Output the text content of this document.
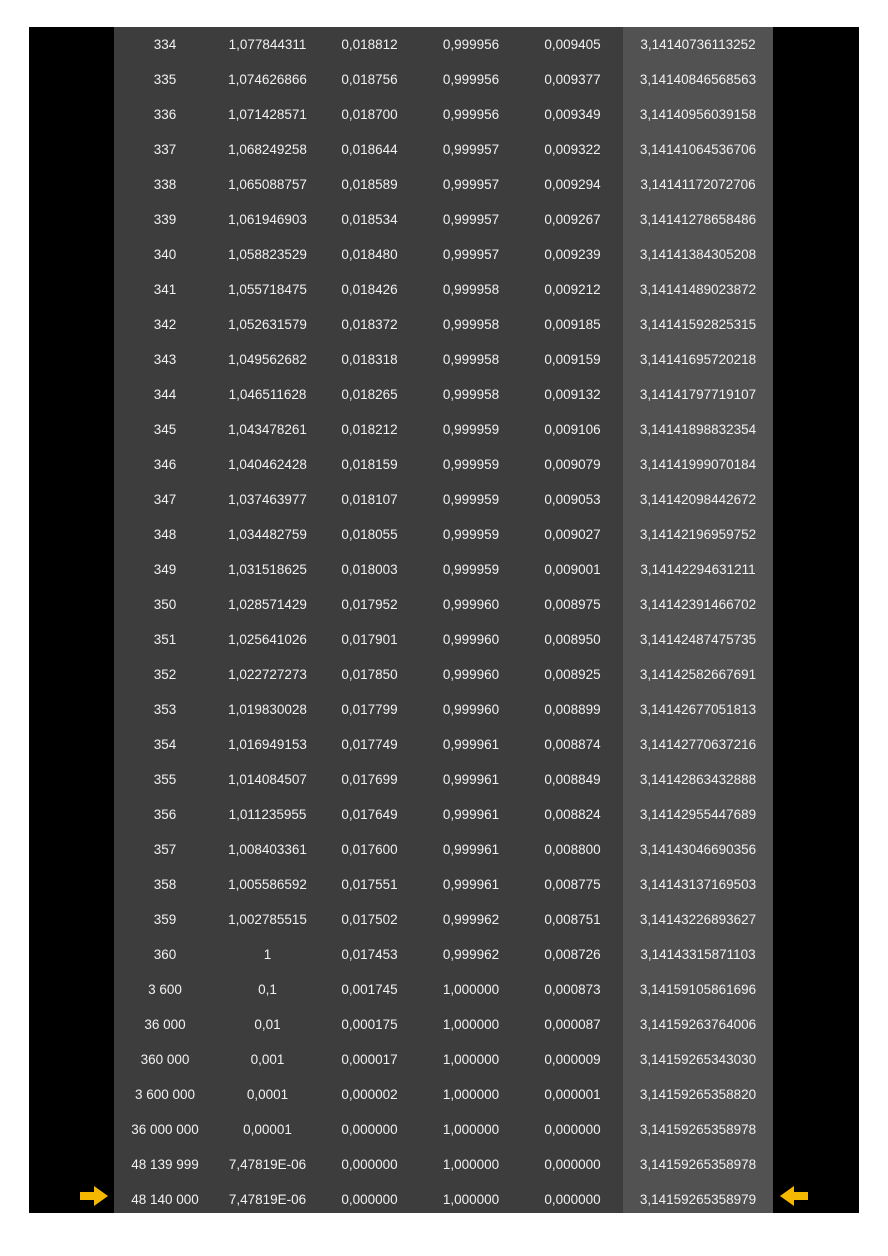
334	1,077844311	0,018812	0,999956	0,009405	3,14140736113252
335	1,074626866	0,018756	0,999956	0,009377	3,14140846568563
336	1,071428571	0,018700	0,999956	0,009349	3,14140956039158
337	1,068249258	0,018644	0,999957	0,009322	3,14141064536706
338	1,065088757	0,018589	0,999957	0,009294	3,14141172072706
339	1,061946903	0,018534	0,999957	0,009267	3,14141278658486
340	1,058823529	0,018480	0,999957	0,009239	3,14141384305208
341	1,055718475	0,018426	0,999958	0,009212	3,14141489023872
342	1,052631579	0,018372	0,999958	0,009185	3,14141592825315
343	1,049562682	0,018318	0,999958	0,009159	3,14141695720218
344	1,046511628	0,018265	0,999958	0,009132	3,14141797719107
345	1,043478261	0,018212	0,999959	0,009106	3,14141898832354
346	1,040462428	0,018159	0,999959	0,009079	3,14141999070184
347	1,037463977	0,018107	0,999959	0,009053	3,14142098442672
348	1,034482759	0,018055	0,999959	0,009027	3,14142196959752
349	1,031518625	0,018003	0,999959	0,009001	3,14142294631211
350	1,028571429	0,017952	0,999960	0,008975	3,14142391466702
351	1,025641026	0,017901	0,999960	0,008950	3,14142487475735
352	1,022727273	0,017850	0,999960	0,008925	3,14142582667691
353	1,019830028	0,017799	0,999960	0,008899	3,14142677051813
354	1,016949153	0,017749	0,999961	0,008874	3,14142770637216
355	1,014084507	0,017699	0,999961	0,008849	3,14142863432888
356	1,011235955	0,017649	0,999961	0,008824	3,14142955447689
357	1,008403361	0,017600	0,999961	0,008800	3,14143046690356
358	1,005586592	0,017551	0,999961	0,008775	3,14143137169503
359	1,002785515	0,017502	0,999962	0,008751	3,14143226893627
360	1	0,017453	0,999962	0,008726	3,14143315871103
3 600	0,1	0,001745	1,000000	0,000873	3,14159105861696
36 000	0,01	0,000175	1,000000	0,000087	3,14159263764006
360 000	0,001	0,000017	1,000000	0,000009	3,14159265343030
3 600 000	0,0001	0,000002	1,000000	0,000001	3,14159265358820
36 000 000	0,00001	0,000000	1,000000	0,000000	3,14159265358978
48 139 999	7,47819E-06	0,000000	1,000000	0,000000	3,14159265358978
48 140 000	7,47819E-06	0,000000	1,000000	0,000000	3,14159265358979
